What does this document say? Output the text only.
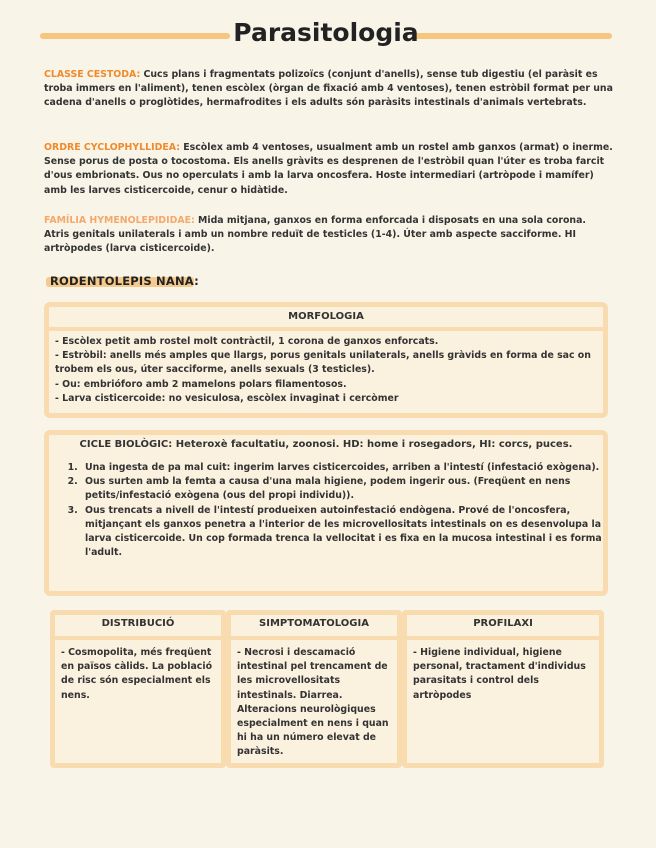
Parasitologia
CLASSE CESTODA: Cucs plans i fragmentats polizoïcs (conjunt d'anells), sense tub digestiu (el paràsit es troba immers en l'aliment), tenen escòlex (òrgan de fixació amb 4 ventoses), tenen estròbil format per una cadena d'anells o proglòtides, hermafrodites i els adults són paràsits intestinals d'animals vertebrats.
ORDRE CYCLOPHYLLIDEA: Escòlex amb 4 ventoses, usualment amb un rostel amb ganxos (armat) o inerme. Sense porus de posta o tocostoma. Els anells gràvits es desprenen de l'estròbil quan l'úter es troba farcit d'ous embrionats. Ous no operculats i amb la larva oncosfera. Hoste intermediari (artròpode i mamífer) amb les larves cisticercoide, cenur o hidàtide.
FAMÍLIA HYMENOLEPIDIDAE: Mida mitjana, ganxos en forma enforcada i disposats en una sola corona. Atris genitals unilaterals i amb un nombre reduït de testicles (1-4). Úter amb aspecte sacciforme. HI artròpodes (larva cisticercoide).
RODENTOLEPIS NANA:
MORFOLOGIA
- Escòlex petit amb rostel molt contràctil, 1 corona de ganxos enforcats.
- Estròbil: anells més amples que llargs, porus genitals unilaterals, anells gràvids en forma de sac on trobem els ous, úter sacciforme, anells sexuals (3 testicles).
- Ou: embrióforo amb 2 mamelons polars filamentosos.
- Larva cisticercoide: no vesiculosa, escòlex invaginat i cercòmer
CICLE BIOLÒGIC: Heteroxè facultatiu, zoonosi. HD: home i rosegadors, HI: corcs, puces.
1. Una ingesta de pa mal cuit: ingerim larves cisticercoides, arriben a l'intestí (infestació exògena).
2. Ous surten amb la femta a causa d'una mala higiene, podem ingerir ous. (Freqüent en nens petits/infestació exògena (ous del propi individu)).
3. Ous trencats a nivell de l'intestí produeixen autoinfestació endògena. Prové de l'oncosfera, mitjançant els ganxos penetra a l'interior de les microvellositats intestinals on es desenvolupa la larva cisticercoide. Un cop formada trenca la vellocitat i es fixa en la mucosa intestinal i es forma l'adult.
DISTRIBUCIÓ
- Cosmopolita, més freqüent en països càlids. La població de risc són especialment els nens.
SIMPTOMATOLOGIA
- Necrosi i descamació intestinal pel trencament de les microvellositats intestinals. Diarrea. Alteracions neurològiques especialment en nens i quan hi ha un número elevat de paràsits.
PROFILAXI
- Higiene individual, higiene personal, tractament d'individus parasitats i control dels artròpodes
